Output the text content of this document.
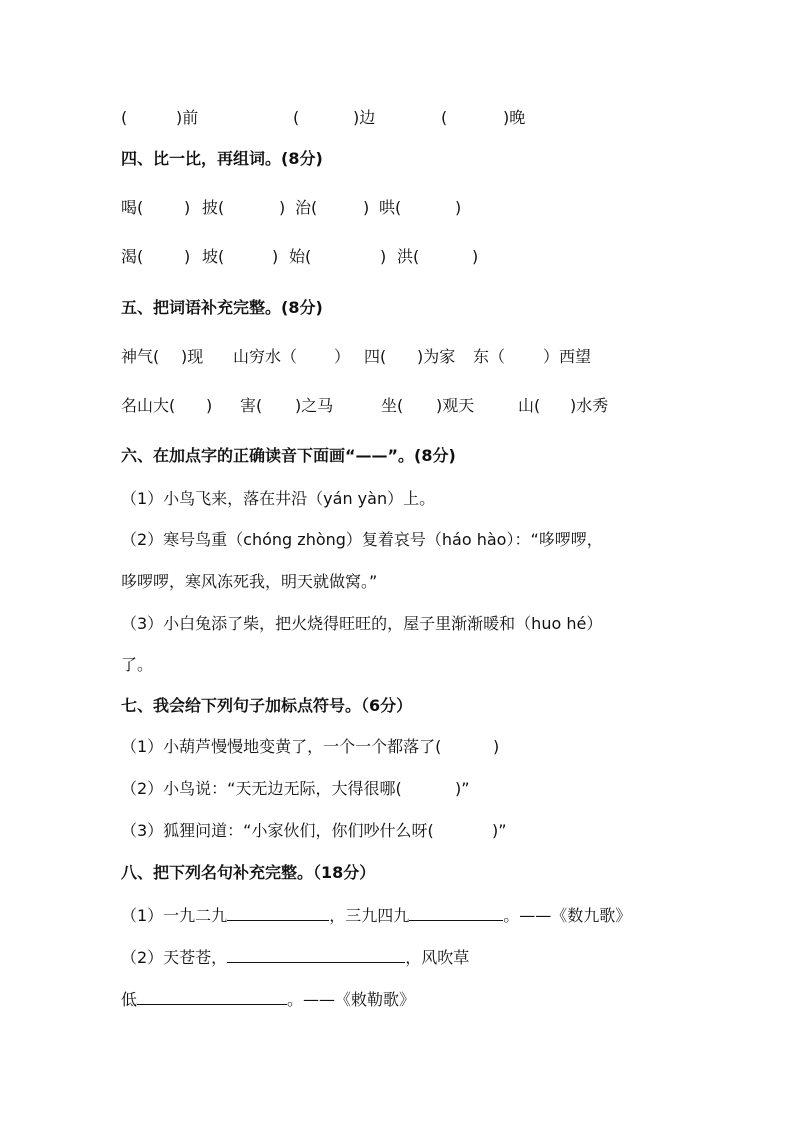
(	)前	(	)边	(	)晚
四、比一比，再组词。(8分)
喝(	) 披(	) 治(	) 哄(	)
渴(	) 坡(	) 始(	) 洪(	)
五、把词语补充完整。(8分)
神气( )现 山穷水（ ） 四( )为家 东（ ）西望
名山大( ) 害( )之马	坐( )观天	山( )水秀
六、在加点字的正确读音下面画“——”。(8分)
（1）小鸟飞来，落在井沿（yán yàn）上。
（2）寒号鸟重（chóng zhòng）复着哀号（háo hào）：“哆啰啰，
哆啰啰，寒风冻死我，明天就做窝。”
（3）小白兔添了柴，把火烧得旺旺的，屋子里渐渐暖和（huo hé）
了。
七、我会给下列句子加标点符号。（6分）
（1）小葫芦慢慢地变黄了，一个一个都落了(	)
（2）小鸟说：“天无边无际，大得很哪(	)”
（3）狐狸问道：“小家伙们，你们吵什么呀(	)”
八、把下列名句补充完整。（18分）
（1）一九二九	，三九四九	。——《数九歌》
（2）天苍苍，	，风吹草
低	。——《敕勒歌》
